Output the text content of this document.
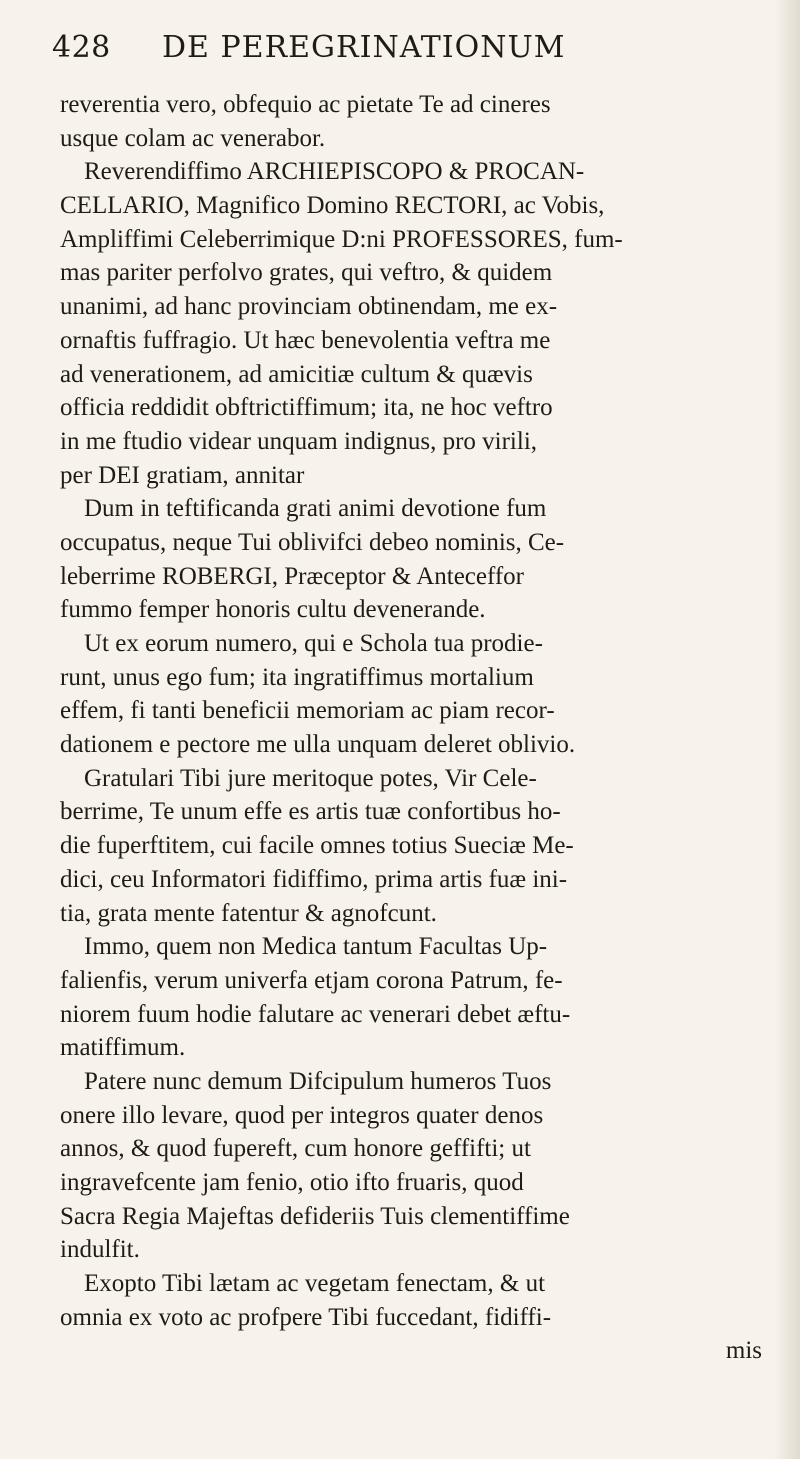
428 DE PEREGRINATIONUM
reverentia vero, obfequio ac pietate Te ad cineres
usque colam ac venerabor.
Reverendiffimo ARCHIEPISCOPO & PROCAN-
CELLARIO, Magnifico Domino RECTORI, ac Vobis,
Ampliffimi Celeberrimique D:ni PROFESSORES, fum-
mas pariter perfolvo grates, qui veftro, & quidem
unanimi, ad hanc provinciam obtinendam, me ex-
ornaftis fuffragio. Ut hæc benevolentia veftra me
ad venerationem, ad amicitiæ cultum & quævis
officia reddidit obftrictiffimum; ita, ne hoc veftro
in me ftudio videar unquam indignus, pro virili,
per DEI gratiam, annitar
Dum in teftificanda grati animi devotione fum
occupatus, neque Tui oblivifci debeo nominis, Ce-
leberrime ROBERGI, Præceptor & Anteceffor
fummo femper honoris cultu devenerande.
Ut ex eorum numero, qui e Schola tua prodie-
runt, unus ego fum; ita ingratiffimus mortalium
effem, fi tanti beneficii memoriam ac piam recor-
dationem e pectore me ulla unquam deleret oblivio.
Gratulari Tibi jure meritoque potes, Vir Cele-
berrime, Te unum effe es artis tuæ confortibus ho-
die fuperftitem, cui facile omnes totius Sueciæ Me-
dici, ceu Informatori fidiffimo, prima artis fuæ ini-
tia, grata mente fatentur & agnofcunt.
Immo, quem non Medica tantum Facultas Up-
falienfis, verum univerfa etjam corona Patrum, fe-
niorem fuum hodie falutare ac venerari debet æftu-
matiffimum.
Patere nunc demum Difcipulum humeros Tuos
onere illo levare, quod per integros quater denos
annos, & quod fupereft, cum honore geffifti; ut
ingravefcente jam fenio, otio ifto fruaris, quod
Sacra Regia Majeftas defideriis Tuis clementiffime
indulfit.
Exopto Tibi lætam ac vegetam fenectam, & ut
omnia ex voto ac profpere Tibi fuccedant, fidiffi-
mis
